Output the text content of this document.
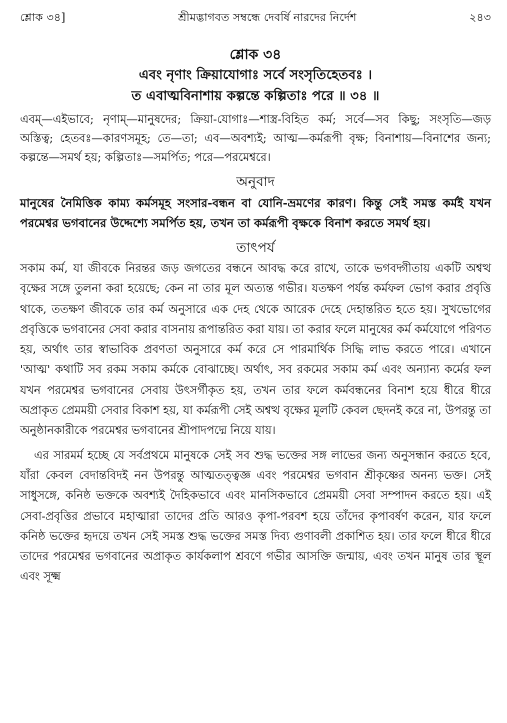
শ্লোক ৩৪]	শ্রীমদ্ভাগবত সম্বন্ধে দেবর্ষি নারদের নির্দেশ	২৪৩
শ্লোক ৩৪
এবং নৃণাং ক্রিয়াযোগাঃ সর্বে সংসৃতিহেতবঃ ।
ত এবাত্মবিনাশায় কল্পন্তে কল্পিতাঃ পরে ॥ ৩৪ ॥
এবম্—এইভাবে; নৃণাম্—মানুষদের; ক্রিয়া-যোগাঃ—শাস্ত্র-বিহিত কর্ম; সর্বে—সব কিছু; সংসৃতি—জড় অস্তিত্ব; হেতবঃ—কারণসমূহ; তে—তা; এব—অবশ্যই; আত্ম—কর্মরূপী বৃক্ষ; বিনাশায়—বিনাশের জন্য; কল্পন্তে—সমর্থ হয়; কল্পিতাঃ—সমর্পিত; পরে—পরমেশ্বরে।
অনুবাদ
মানুষের নৈমিত্তিক কাম্য কর্মসমূহ সংসার-বন্ধন বা যোনি-ভ্রমণের কারণ। কিন্তু সেই সমস্ত কর্মই যখন পরমেশ্বর ভগবানের উদ্দেশ্যে সমর্পিত হয়, তখন তা কর্মরূপী বৃক্ষকে বিনাশ করতে সমর্থ হয়।
তাৎপর্য

সকাম কর্ম, যা জীবকে নিরন্তর জড় জগতের বন্ধনে আবদ্ধ করে রাখে, তাকে ভগবদ্গীতায় একটি অশ্বত্থ বৃক্ষের সঙ্গে তুলনা করা হয়েছে; কেন না তার মূল অত্যন্ত গভীর। যতক্ষণ পর্যন্ত কর্মফল ভোগ করার প্রবৃত্তি থাকে, ততক্ষণ জীবকে তার কর্ম অনুসারে এক দেহ থেকে আরেক দেহে দেহান্তরিত হতে হয়। সুখভোগের প্রবৃত্তিকে ভগবানের সেবা করার বাসনায় রূপান্তরিত করা যায়। তা করার ফলে মানুষের কর্ম কর্মযোগে পরিণত হয়, অর্থাৎ তার স্বাভাবিক প্রবণতা অনুসারে কর্ম করে সে পারমার্থিক সিদ্ধি লাভ করতে পারে। এখানে 'আত্ম' কথাটি সব রকম সকাম কর্মকে বোঝাচ্ছে। অর্থাৎ, সব রকমের সকাম কর্ম এবং অন্যান্য কর্মের ফল যখন পরমেশ্বর ভগবানের সেবায় উৎসর্গীকৃত হয়, তখন তার ফলে কর্মবন্ধনের বিনাশ হয়ে ধীরে ধীরে অপ্রাকৃত প্রেমময়ী সেবার বিকাশ হয়, যা কর্মরূপী সেই অশ্বত্থ বৃক্ষের মূলটি কেবল ছেদনই করে না, উপরন্তু তা অনুষ্ঠানকারীকে পরমেশ্বর ভগবানের শ্রীপাদপদ্মে নিয়ে যায়।

এর সারমর্ম হচ্ছে যে সর্বপ্রথমে মানুষকে সেই সব শুদ্ধ ভক্তের সঙ্গ লাভের জন্য অনুসন্ধান করতে হবে, যাঁরা কেবল বেদান্তবিদই নন উপরন্তু আত্মতত্ত্বজ্ঞ এবং পরমেশ্বর ভগবান শ্রীকৃষ্ণের অনন্য ভক্ত। সেই সাধুসঙ্গে, কনিষ্ঠ ভক্তকে অবশ্যই দৈহিকভাবে এবং মানসিকভাবে প্রেমময়ী সেবা সম্পাদন করতে হয়। এই সেবা-প্রবৃত্তির প্রভাবে মহাত্মারা তাদের প্রতি আরও কৃপা-পরবশ হয়ে তাঁদের কৃপাবর্ষণ করেন, যার ফলে কনিষ্ঠ ভক্তের হৃদয়ে তখন সেই সমস্ত শুদ্ধ ভক্তের সমস্ত দিব্য গুণাবলী প্রকাশিত হয়। তার ফলে ধীরে ধীরে তাদের পরমেশ্বর ভগবানের অপ্রাকৃত কার্যকলাপ শ্রবণে গভীর আসক্তি জন্মায়, এবং তখন মানুষ তার স্থূল এবং সূক্ষ্ম
